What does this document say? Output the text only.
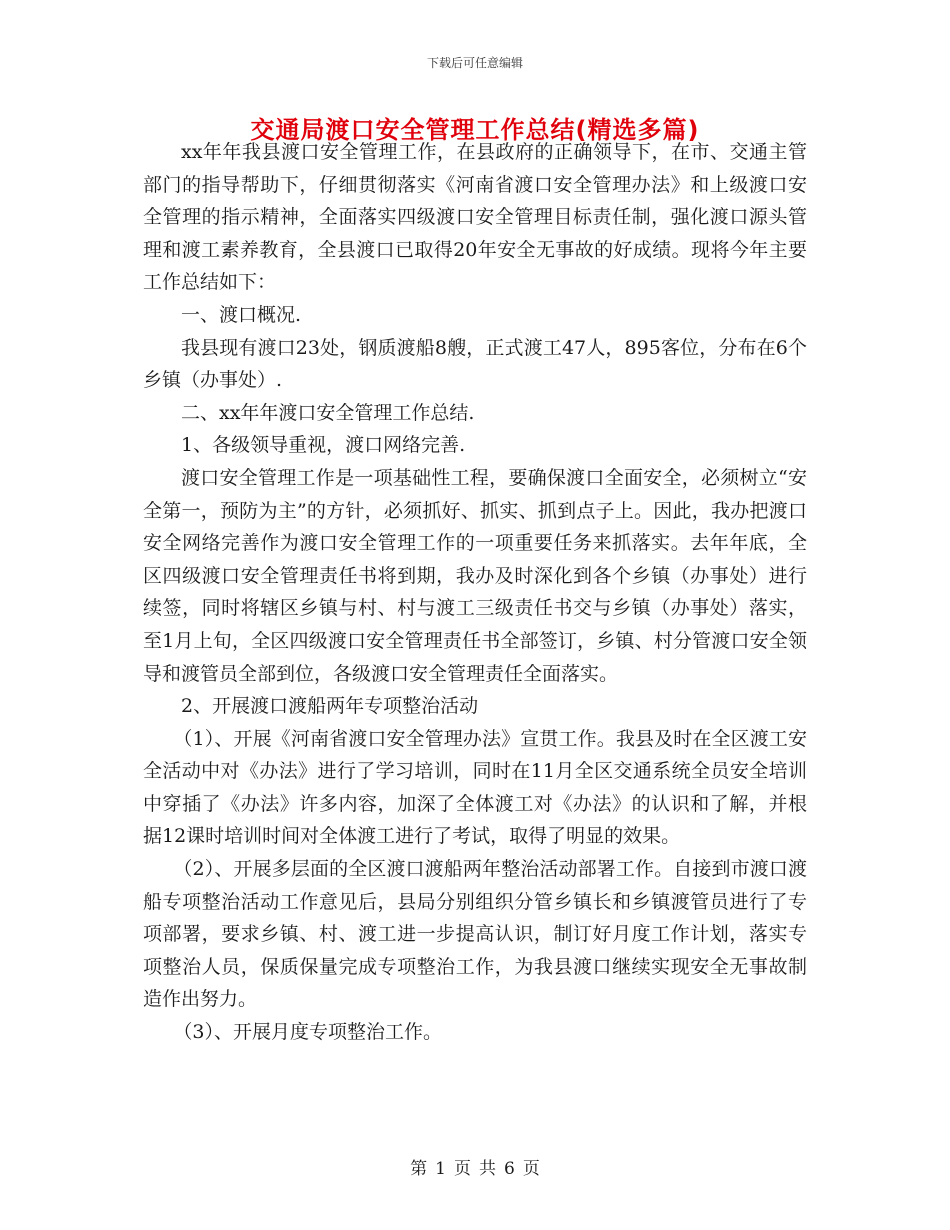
下载后可任意编辑
交通局渡口安全管理工作总结(精选多篇)

xx年年我县渡口安全管理工作，在县政府的正确领导下，在市、交通主管部门的指导帮助下，仔细贯彻落实《河南省渡口安全管理办法》和上级渡口安全管理的指示精神，全面落实四级渡口安全管理目标责任制，强化渡口源头管理和渡工素养教育，全县渡口已取得20年安全无事故的好成绩。现将今年主要工作总结如下：

一、渡口概况.

我县现有渡口23处，钢质渡船8艘，正式渡工47人，895客位，分布在6个乡镇（办事处）.

二、xx年年渡口安全管理工作总结.

1、各级领导重视，渡口网络完善.

渡口安全管理工作是一项基础性工程，要确保渡口全面安全，必须树立“安全第一，预防为主”的方针，必须抓好、抓实、抓到点子上。因此，我办把渡口安全网络完善作为渡口安全管理工作的一项重要任务来抓落实。去年年底，全区四级渡口安全管理责任书将到期，我办及时深化到各个乡镇（办事处）进行续签，同时将辖区乡镇与村、村与渡工三级责任书交与乡镇（办事处）落实，至1月上旬，全区四级渡口安全管理责任书全部签订，乡镇、村分管渡口安全领导和渡管员全部到位，各级渡口安全管理责任全面落实。

2、开展渡口渡船两年专项整治活动

（1）、开展《河南省渡口安全管理办法》宣贯工作。我县及时在全区渡工安全活动中对《办法》进行了学习培训，同时在11月全区交通系统全员安全培训中穿插了《办法》许多内容，加深了全体渡工对《办法》的认识和了解，并根据12课时培训时间对全体渡工进行了考试，取得了明显的效果。

（2）、开展多层面的全区渡口渡船两年整治活动部署工作。自接到市渡口渡船专项整治活动工作意见后，县局分别组织分管乡镇长和乡镇渡管员进行了专项部署，要求乡镇、村、渡工进一步提高认识，制订好月度工作计划，落实专项整治人员，保质保量完成专项整治工作，为我县渡口继续实现安全无事故制造作出努力。

（3）、开展月度专项整治工作。

第 1 页 共 6 页
